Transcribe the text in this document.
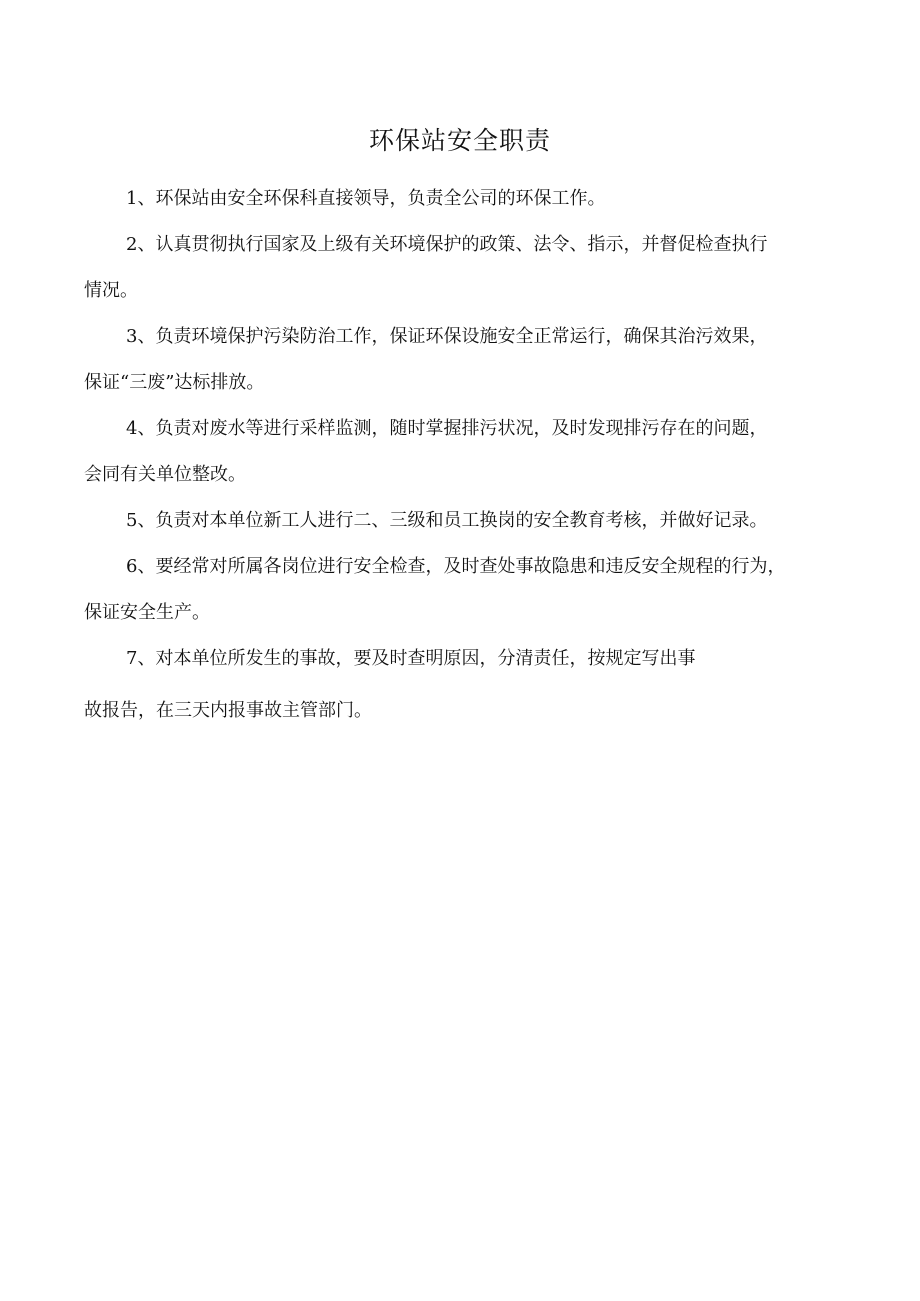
环保站安全职责
1、环保站由安全环保科直接领导，负责全公司的环保工作。
2、认真贯彻执行国家及上级有关环境保护的政策、法令、指示，并督促检查执行
情况。
3、负责环境保护污染防治工作，保证环保设施安全正常运行，确保其治污效果，
保证“三废”达标排放。
4、负责对废水等进行采样监测，随时掌握排污状况，及时发现排污存在的问题，
会同有关单位整改。
5、负责对本单位新工人进行二、三级和员工换岗的安全教育考核，并做好记录。
6、要经常对所属各岗位进行安全检查，及时查处事故隐患和违反安全规程的行为，
保证安全生产。
7、对本单位所发生的事故，要及时查明原因，分清责任，按规定写出事
故报告，在三天内报事故主管部门。
